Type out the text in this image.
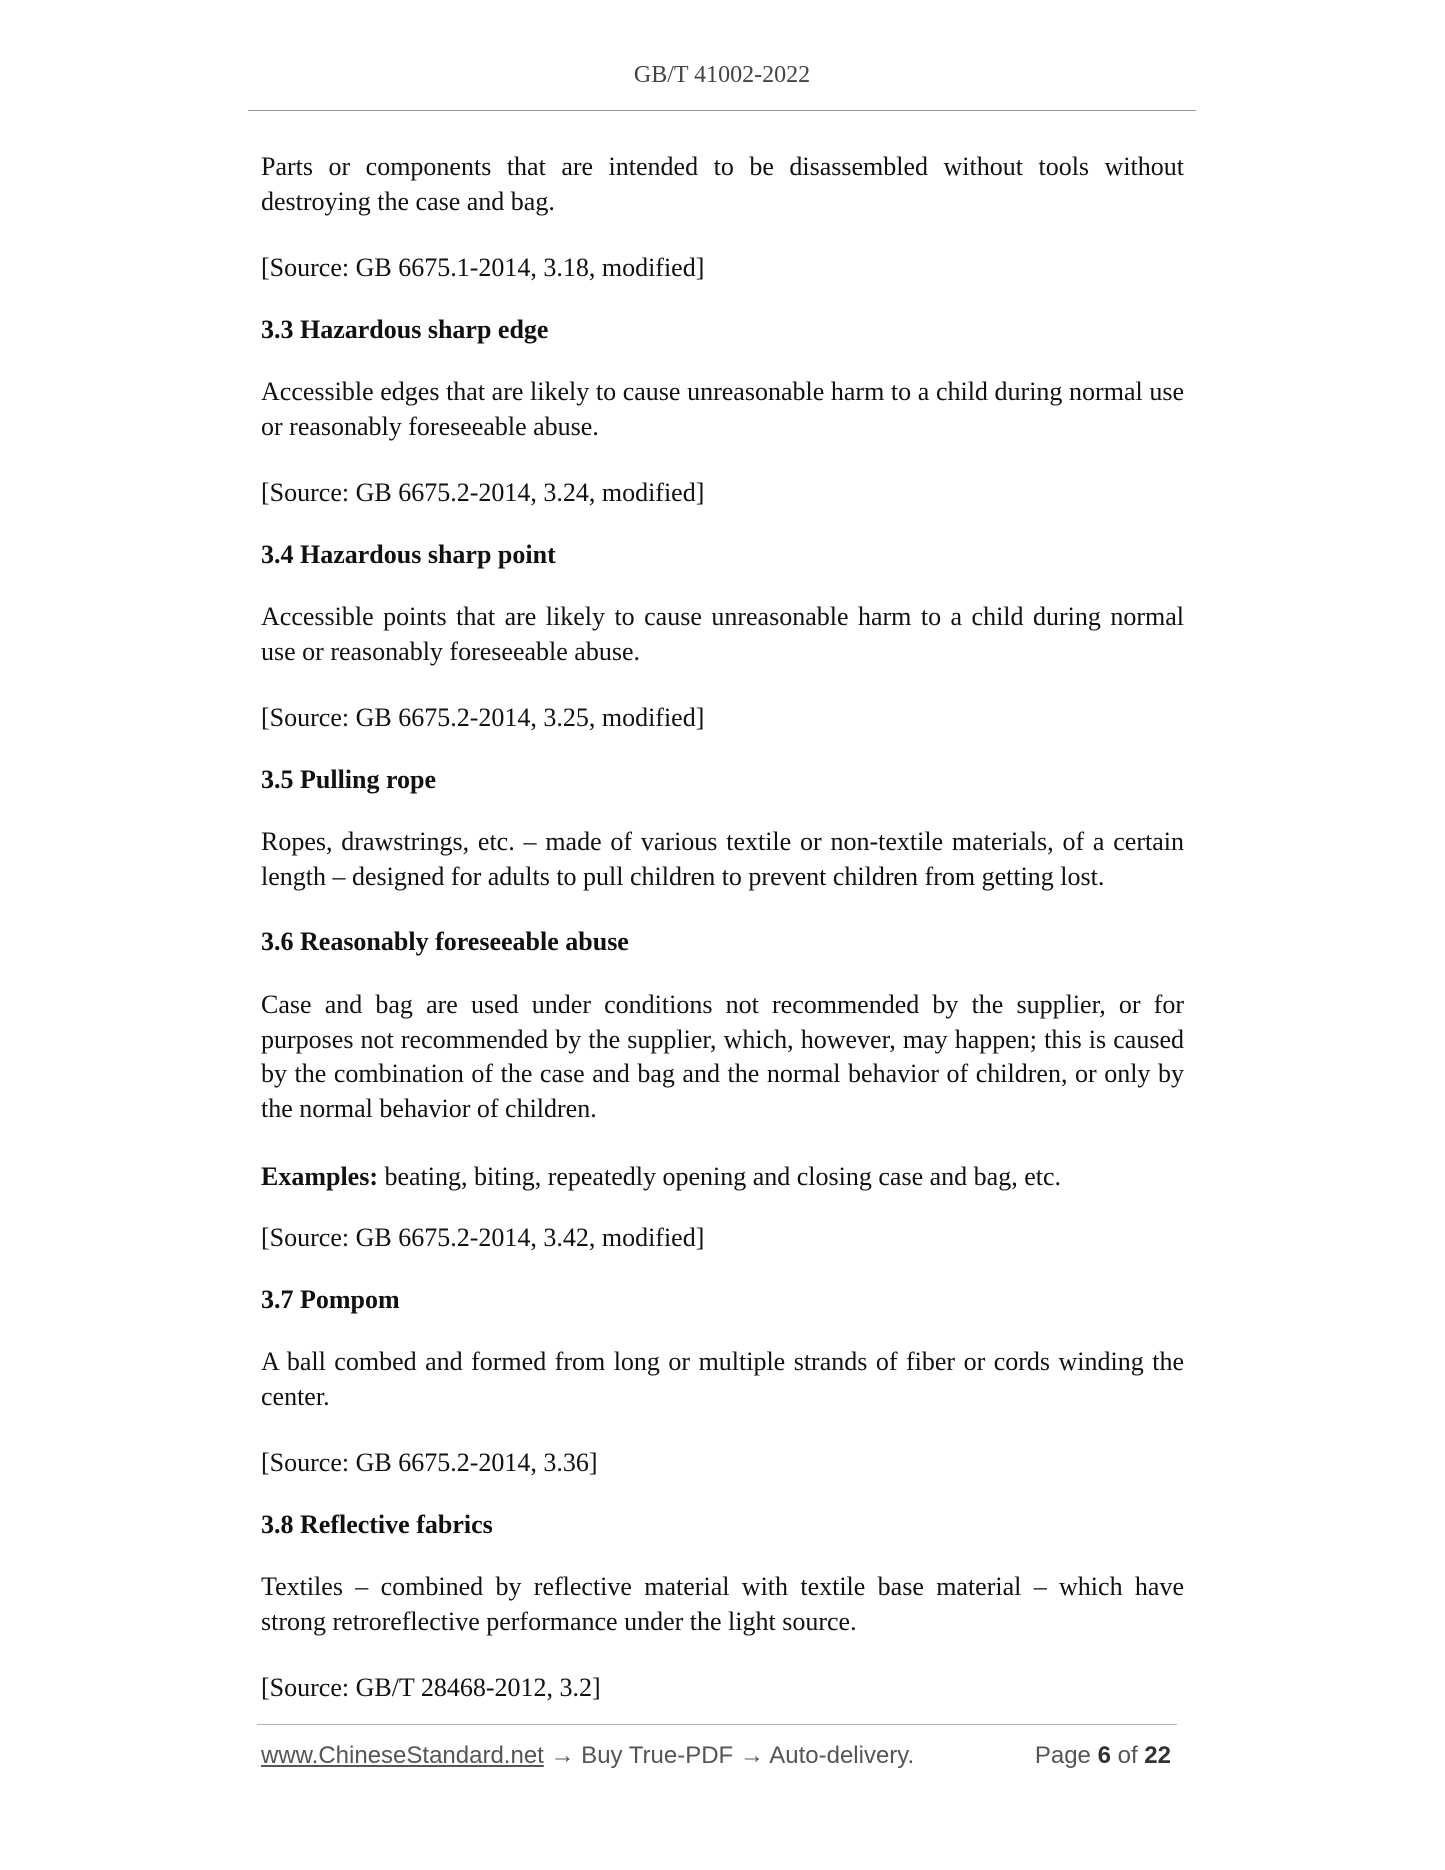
GB/T 41002-2022

Parts or components that are intended to be disassembled without tools without destroying the case and bag.

[Source: GB 6675.1-2014, 3.18, modified]

3.3 Hazardous sharp edge

Accessible edges that are likely to cause unreasonable harm to a child during normal use or reasonably foreseeable abuse.

[Source: GB 6675.2-2014, 3.24, modified]

3.4 Hazardous sharp point

Accessible points that are likely to cause unreasonable harm to a child during normal use or reasonably foreseeable abuse.

[Source: GB 6675.2-2014, 3.25, modified]

3.5 Pulling rope

Ropes, drawstrings, etc. – made of various textile or non-textile materials, of a certain length – designed for adults to pull children to prevent children from getting lost.

3.6 Reasonably foreseeable abuse

Case and bag are used under conditions not recommended by the supplier, or for purposes not recommended by the supplier, which, however, may happen; this is caused by the combination of the case and bag and the normal behavior of children, or only by the normal behavior of children.

Examples: beating, biting, repeatedly opening and closing case and bag, etc.

[Source: GB 6675.2-2014, 3.42, modified]

3.7 Pompom

A ball combed and formed from long or multiple strands of fiber or cords winding the center.

[Source: GB 6675.2-2014, 3.36]

3.8 Reflective fabrics

Textiles – combined by reflective material with textile base material – which have strong retroreflective performance under the light source.

[Source: GB/T 28468-2012, 3.2]

www.ChineseStandard.net → Buy True-PDF → Auto-delivery.	Page 6 of 22
